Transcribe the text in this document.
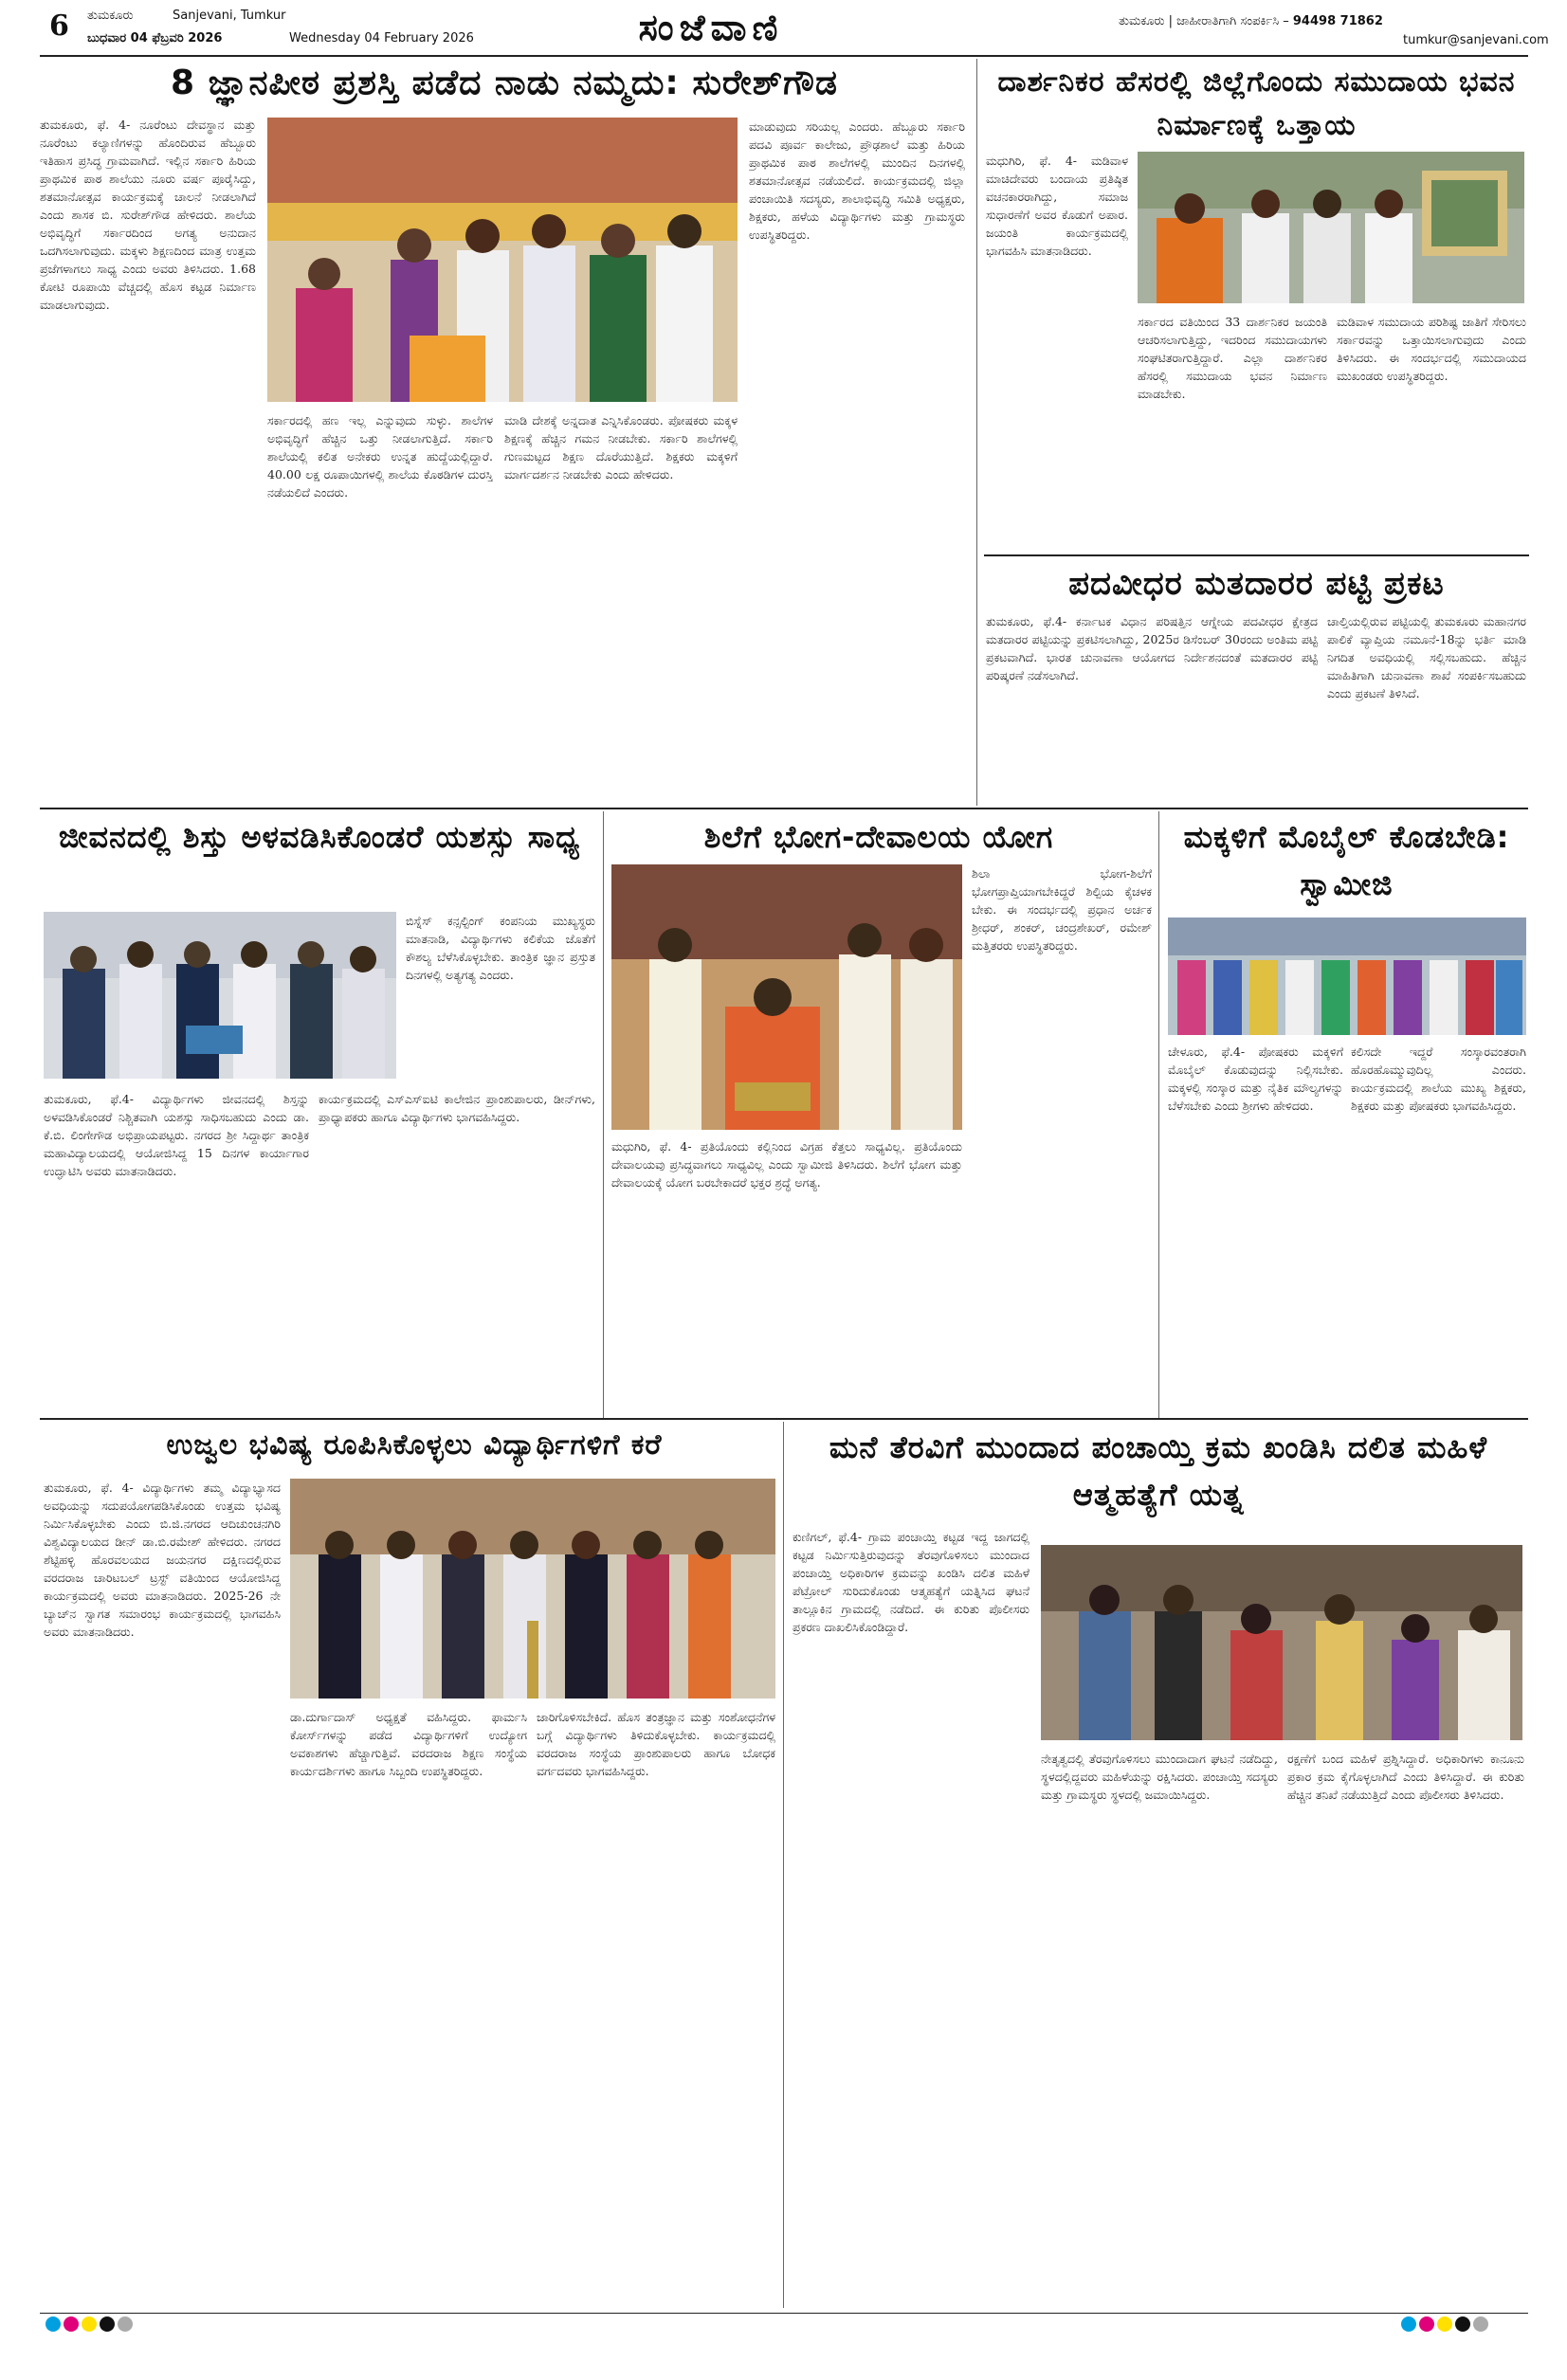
6 ತುಮಕೂರು	Sanjevani, Tumkur
ಬುಧವಾರ 04 ಫೆಬ್ರವರಿ 2026	Wednesday 04 February 2026	ಸಂಜೆವಾಣಿ	ತುಮಕೂರು | ಜಾಹೀರಾತಿಗಾಗಿ ಸಂಪರ್ಕಿಸಿ – 94498 71862
tumkur@sanjevani.com
8 ಜ್ಞಾನಪೀಠ ಪ್ರಶಸ್ತಿ ಪಡೆದ ನಾಡು ನಮ್ಮದು: ಸುರೇಶ್‌ಗೌಡ
ತುಮಕೂರು, ಫೆ. 4- ನೂರೆಂಟು ದೇವಸ್ಥಾನ ಮತ್ತು ನೂರೆಂಟು ಕಲ್ಯಾಣಿಗಳನ್ನು ಹೊಂದಿರುವ ಹೆಬ್ಬೂರು ಇತಿಹಾಸ ಪ್ರಸಿದ್ಧ ಗ್ರಾಮವಾಗಿದೆ. ಇಲ್ಲಿನ ಸರ್ಕಾರಿ ಹಿರಿಯ ಪ್ರಾಥಮಿಕ ಪಾಠ ಶಾಲೆಯು ನೂರು ವರ್ಷ ಪೂರೈಸಿದ್ದು, ಶತಮಾನೋತ್ಸವ ಕಾರ್ಯಕ್ರಮಕ್ಕೆ ಚಾಲನೆ ನೀಡಲಾಗಿದೆ ಎಂದು ಶಾಸಕ ಬಿ. ಸುರೇಶ್‌ಗೌಡ ಹೇಳಿದರು. ಶಾಲೆಯ ಅಭಿವೃದ್ಧಿಗೆ ಸರ್ಕಾರದಿಂದ ಅಗತ್ಯ ಅನುದಾನ ಒದಗಿಸಲಾಗುವುದು. ಮಕ್ಕಳು ಶಿಕ್ಷಣದಿಂದ ಮಾತ್ರ ಉತ್ತಮ ಪ್ರಜೆಗಳಾಗಲು ಸಾಧ್ಯ ಎಂದು ಅವರು ತಿಳಿಸಿದರು. 1.68 ಕೋಟಿ ರೂಪಾಯಿ ವೆಚ್ಚದಲ್ಲಿ ಹೊಸ ಕಟ್ಟಡ ನಿರ್ಮಾಣ ಮಾಡಲಾಗುವುದು.
ಮಾಡುವುದು ಸರಿಯಲ್ಲ ಎಂದರು. ಹೆಬ್ಬೂರು ಸರ್ಕಾರಿ ಪದವಿ ಪೂರ್ವ ಕಾಲೇಜು, ಪ್ರೌಢಶಾಲೆ ಮತ್ತು ಹಿರಿಯ ಪ್ರಾಥಮಿಕ ಪಾಠ ಶಾಲೆಗಳಲ್ಲಿ ಮುಂದಿನ ದಿನಗಳಲ್ಲಿ ಶತಮಾನೋತ್ಸವ ನಡೆಯಲಿದೆ. ಕಾರ್ಯಕ್ರಮದಲ್ಲಿ ಜಿಲ್ಲಾ ಪಂಚಾಯಿತಿ ಸದಸ್ಯರು, ಶಾಲಾಭಿವೃದ್ಧಿ ಸಮಿತಿ ಅಧ್ಯಕ್ಷರು, ಶಿಕ್ಷಕರು, ಹಳೆಯ ವಿದ್ಯಾರ್ಥಿಗಳು ಮತ್ತು ಗ್ರಾಮಸ್ಥರು ಉಪಸ್ಥಿತರಿದ್ದರು.
ಸರ್ಕಾರದಲ್ಲಿ ಹಣ ಇಲ್ಲ ಎನ್ನುವುದು ಸುಳ್ಳು. ಶಾಲೆಗಳ ಅಭಿವೃದ್ಧಿಗೆ ಹೆಚ್ಚಿನ ಒತ್ತು ನೀಡಲಾಗುತ್ತಿದೆ. ಸರ್ಕಾರಿ ಶಾಲೆಯಲ್ಲಿ ಕಲಿತ ಅನೇಕರು ಉನ್ನತ ಹುದ್ದೆಯಲ್ಲಿದ್ದಾರೆ. 40.00 ಲಕ್ಷ ರೂಪಾಯಿಗಳಲ್ಲಿ ಶಾಲೆಯ ಕೊಠಡಿಗಳ ದುರಸ್ತಿ ನಡೆಯಲಿದೆ ಎಂದರು.
ಮಾಡಿ ದೇಶಕ್ಕೆ ಅನ್ನದಾತ ಎನ್ನಿಸಿಕೊಂಡರು. ಪೋಷಕರು ಮಕ್ಕಳ ಶಿಕ್ಷಣಕ್ಕೆ ಹೆಚ್ಚಿನ ಗಮನ ನೀಡಬೇಕು. ಸರ್ಕಾರಿ ಶಾಲೆಗಳಲ್ಲಿ ಗುಣಮಟ್ಟದ ಶಿಕ್ಷಣ ದೊರೆಯುತ್ತಿದೆ. ಶಿಕ್ಷಕರು ಮಕ್ಕಳಿಗೆ ಮಾರ್ಗದರ್ಶನ ನೀಡಬೇಕು ಎಂದು ಹೇಳಿದರು.
ದಾರ್ಶನಿಕರ ಹೆಸರಲ್ಲಿ ಜಿಲ್ಲೆಗೊಂದು ಸಮುದಾಯ ಭವನ ನಿರ್ಮಾಣಕ್ಕೆ ಒತ್ತಾಯ
ಮಧುಗಿರಿ, ಫೆ. 4- ಮಡಿವಾಳ ಮಾಚಿದೇವರು ಬಂದಾಯ ಪ್ರತಿಷ್ಠಿತ ವಚನಕಾರರಾಗಿದ್ದು, ಸಮಾಜ ಸುಧಾರಣೆಗೆ ಅವರ ಕೊಡುಗೆ ಅಪಾರ. ಜಯಂತಿ ಕಾರ್ಯಕ್ರಮದಲ್ಲಿ ಭಾಗವಹಿಸಿ ಮಾತನಾಡಿದರು.
ಸರ್ಕಾರದ ವತಿಯಿಂದ 33 ದಾರ್ಶನಿಕರ ಜಯಂತಿ ಆಚರಿಸಲಾಗುತ್ತಿದ್ದು, ಇದರಿಂದ ಸಮುದಾಯಗಳು ಸಂಘಟಿತರಾಗುತ್ತಿದ್ದಾರೆ. ಎಲ್ಲಾ ದಾರ್ಶನಿಕರ ಹೆಸರಲ್ಲಿ ಸಮುದಾಯ ಭವನ ನಿರ್ಮಾಣ ಮಾಡಬೇಕು.
ಮಡಿವಾಳ ಸಮುದಾಯ ಪರಿಶಿಷ್ಟ ಜಾತಿಗೆ ಸೇರಿಸಲು ಸರ್ಕಾರವನ್ನು ಒತ್ತಾಯಿಸಲಾಗುವುದು ಎಂದು ತಿಳಿಸಿದರು. ಈ ಸಂದರ್ಭದಲ್ಲಿ ಸಮುದಾಯದ ಮುಖಂಡರು ಉಪಸ್ಥಿತರಿದ್ದರು.
ಪದವೀಧರ ಮತದಾರರ ಪಟ್ಟಿ ಪ್ರಕಟ
ತುಮಕೂರು, ಫೆ.4- ಕರ್ನಾಟಕ ವಿಧಾನ ಪರಿಷತ್ತಿನ ಆಗ್ನೇಯ ಪದವೀಧರ ಕ್ಷೇತ್ರದ ಮತದಾರರ ಪಟ್ಟಿಯನ್ನು ಪ್ರಕಟಿಸಲಾಗಿದ್ದು, 2025ರ ಡಿಸೆಂಬರ್ 30ರಂದು ಅಂತಿಮ ಪಟ್ಟಿ ಪ್ರಕಟವಾಗಿದೆ. ಭಾರತ ಚುನಾವಣಾ ಆಯೋಗದ ನಿರ್ದೇಶನದಂತೆ ಮತದಾರರ ಪಟ್ಟಿ ಪರಿಷ್ಕರಣೆ ನಡೆಸಲಾಗಿದೆ.
ಚಾಲ್ತಿಯಲ್ಲಿರುವ ಪಟ್ಟಿಯಲ್ಲಿ ತುಮಕೂರು ಮಹಾನಗರ ಪಾಲಿಕೆ ವ್ಯಾಪ್ತಿಯ ನಮೂನೆ-18ನ್ನು ಭರ್ತಿ ಮಾಡಿ ನಿಗದಿತ ಅವಧಿಯಲ್ಲಿ ಸಲ್ಲಿಸಬಹುದು. ಹೆಚ್ಚಿನ ಮಾಹಿತಿಗಾಗಿ ಚುನಾವಣಾ ಶಾಖೆ ಸಂಪರ್ಕಿಸಬಹುದು ಎಂದು ಪ್ರಕಟಣೆ ತಿಳಿಸಿದೆ.
ಜೀವನದಲ್ಲಿ ಶಿಸ್ತು ಅಳವಡಿಸಿಕೊಂಡರೆ ಯಶಸ್ಸು ಸಾಧ್ಯ
ಬಿಸ್ನೆಸ್ ಕನ್ಸಲ್ಟಿಂಗ್ ಕಂಪನಿಯ ಮುಖ್ಯಸ್ಥರು ಮಾತನಾಡಿ, ವಿದ್ಯಾರ್ಥಿಗಳು ಕಲಿಕೆಯ ಜೊತೆಗೆ ಕೌಶಲ್ಯ ಬೆಳೆಸಿಕೊಳ್ಳಬೇಕು. ತಾಂತ್ರಿಕ ಜ್ಞಾನ ಪ್ರಸ್ತುತ ದಿನಗಳಲ್ಲಿ ಅತ್ಯಗತ್ಯ ಎಂದರು.
ತುಮಕೂರು, ಫೆ.4- ವಿದ್ಯಾರ್ಥಿಗಳು ಜೀವನದಲ್ಲಿ ಶಿಸ್ತನ್ನು ಅಳವಡಿಸಿಕೊಂಡರೆ ನಿಶ್ಚಿತವಾಗಿ ಯಶಸ್ಸು ಸಾಧಿಸಬಹುದು ಎಂದು ಡಾ. ಕೆ.ಬಿ. ಲಿಂಗೇಗೌಡ ಅಭಿಪ್ರಾಯಪಟ್ಟರು. ನಗರದ ಶ್ರೀ ಸಿದ್ದಾರ್ಥ ತಾಂತ್ರಿಕ ಮಹಾವಿದ್ಯಾಲಯದಲ್ಲಿ ಆಯೋಜಿಸಿದ್ದ 15 ದಿನಗಳ ಕಾರ್ಯಾಗಾರ ಉದ್ಘಾಟಿಸಿ ಅವರು ಮಾತನಾಡಿದರು.
ಕಾರ್ಯಕ್ರಮದಲ್ಲಿ ಎಸ್‌ಎಸ್‌ಐಟಿ ಕಾಲೇಜಿನ ಪ್ರಾಂಶುಪಾಲರು, ಡೀನ್‌ಗಳು, ಪ್ರಾಧ್ಯಾಪಕರು ಹಾಗೂ ವಿದ್ಯಾರ್ಥಿಗಳು ಭಾಗವಹಿಸಿದ್ದರು.
ಶಿಲೆಗೆ ಭೋಗ-ದೇವಾಲಯ ಯೋಗ
ಶಿಲಾ ಭೋಗ-ಶಿಲೆಗೆ ಭೋಗಪ್ರಾಪ್ತಿಯಾಗಬೇಕಿದ್ದರೆ ಶಿಲ್ಪಿಯ ಕೈಚಳಕ ಬೇಕು. ಈ ಸಂದರ್ಭದಲ್ಲಿ ಪ್ರಧಾನ ಅರ್ಚಕ ಶ್ರೀಧರ್, ಶಂಕರ್, ಚಂದ್ರಶೇಖರ್, ರಮೇಶ್ ಮತ್ತಿತರರು ಉಪಸ್ಥಿತರಿದ್ದರು.
ಮಧುಗಿರಿ, ಫೆ. 4- ಪ್ರತಿಯೊಂದು ಕಲ್ಲಿನಿಂದ ವಿಗ್ರಹ ಕೆತ್ತಲು ಸಾಧ್ಯವಿಲ್ಲ. ಪ್ರತಿಯೊಂದು ದೇವಾಲಯವು ಪ್ರಸಿದ್ಧವಾಗಲು ಸಾಧ್ಯವಿಲ್ಲ ಎಂದು ಸ್ವಾಮೀಜಿ ತಿಳಿಸಿದರು. ಶಿಲೆಗೆ ಭೋಗ ಮತ್ತು ದೇವಾಲಯಕ್ಕೆ ಯೋಗ ಬರಬೇಕಾದರೆ ಭಕ್ತರ ಶ್ರದ್ಧೆ ಅಗತ್ಯ.
ಮಕ್ಕಳಿಗೆ ಮೊಬೈಲ್ ಕೊಡಬೇಡಿ: ಸ್ವಾಮೀಜಿ
ಚೇಳೂರು, ಫೆ.4- ಪೋಷಕರು ಮಕ್ಕಳಿಗೆ ಮೊಬೈಲ್ ಕೊಡುವುದನ್ನು ನಿಲ್ಲಿಸಬೇಕು. ಮಕ್ಕಳಲ್ಲಿ ಸಂಸ್ಕಾರ ಮತ್ತು ನೈತಿಕ ಮೌಲ್ಯಗಳನ್ನು ಬೆಳೆಸಬೇಕು ಎಂದು ಶ್ರೀಗಳು ಹೇಳಿದರು.
ಕಲಿಸದೇ ಇದ್ದರೆ ಸಂಸ್ಕಾರವಂತರಾಗಿ ಹೊರಹೊಮ್ಮುವುದಿಲ್ಲ ಎಂದರು. ಕಾರ್ಯಕ್ರಮದಲ್ಲಿ ಶಾಲೆಯ ಮುಖ್ಯ ಶಿಕ್ಷಕರು, ಶಿಕ್ಷಕರು ಮತ್ತು ಪೋಷಕರು ಭಾಗವಹಿಸಿದ್ದರು.
ಉಜ್ವಲ ಭವಿಷ್ಯ ರೂಪಿಸಿಕೊಳ್ಳಲು ವಿದ್ಯಾರ್ಥಿಗಳಿಗೆ ಕರೆ
ತುಮಕೂರು, ಫೆ. 4- ವಿದ್ಯಾರ್ಥಿಗಳು ತಮ್ಮ ವಿದ್ಯಾಭ್ಯಾಸದ ಅವಧಿಯನ್ನು ಸದುಪಯೋಗಪಡಿಸಿಕೊಂಡು ಉತ್ತಮ ಭವಿಷ್ಯ ನಿರ್ಮಿಸಿಕೊಳ್ಳಬೇಕು ಎಂದು ಬಿ.ಜಿ.ನಗರದ ಆದಿಚುಂಚನಗಿರಿ ವಿಶ್ವವಿದ್ಯಾಲಯದ ಡೀನ್ ಡಾ.ಬಿ.ರಮೇಶ್ ಹೇಳಿದರು. ನಗರದ ಶೆಟ್ಟಿಹಳ್ಳಿ ಹೊರವಲಯದ ಜಯನಗರ ದಕ್ಷಿಣದಲ್ಲಿರುವ ವರದರಾಜ ಚಾರಿಟಬಲ್ ಟ್ರಸ್ಟ್ ವತಿಯಿಂದ ಆಯೋಜಿಸಿದ್ದ ಕಾರ್ಯಕ್ರಮದಲ್ಲಿ ಅವರು ಮಾತನಾಡಿದರು. 2025-26 ನೇ ಬ್ಯಾಚ್‌ನ ಸ್ವಾಗತ ಸಮಾರಂಭ ಕಾರ್ಯಕ್ರಮದಲ್ಲಿ ಭಾಗವಹಿಸಿ ಅವರು ಮಾತನಾಡಿದರು.
ಡಾ.ದುರ್ಗಾದಾಸ್ ಅಧ್ಯಕ್ಷತೆ ವಹಿಸಿದ್ದರು. ಫಾರ್ಮಸಿ ಕೋರ್ಸ್‌ಗಳನ್ನು ಪಡೆದ ವಿದ್ಯಾರ್ಥಿಗಳಿಗೆ ಉದ್ಯೋಗ ಅವಕಾಶಗಳು ಹೆಚ್ಚಾಗುತ್ತಿವೆ. ವರದರಾಜ ಶಿಕ್ಷಣ ಸಂಸ್ಥೆಯ ಕಾರ್ಯದರ್ಶಿಗಳು ಹಾಗೂ ಸಿಬ್ಬಂದಿ ಉಪಸ್ಥಿತರಿದ್ದರು.
ಜಾರಿಗೊಳಿಸಬೇಕಿದೆ. ಹೊಸ ತಂತ್ರಜ್ಞಾನ ಮತ್ತು ಸಂಶೋಧನೆಗಳ ಬಗ್ಗೆ ವಿದ್ಯಾರ್ಥಿಗಳು ತಿಳಿದುಕೊಳ್ಳಬೇಕು. ಕಾರ್ಯಕ್ರಮದಲ್ಲಿ ವರದರಾಜ ಸಂಸ್ಥೆಯ ಪ್ರಾಂಶುಪಾಲರು ಹಾಗೂ ಬೋಧಕ ವರ್ಗದವರು ಭಾಗವಹಿಸಿದ್ದರು.
ಮನೆ ತೆರವಿಗೆ ಮುಂದಾದ ಪಂಚಾಯ್ತಿ ಕ್ರಮ ಖಂಡಿಸಿ ದಲಿತ ಮಹಿಳೆ ಆತ್ಮಹತ್ಯೆಗೆ ಯತ್ನ
ಕುಣಿಗಲ್, ಫೆ.4- ಗ್ರಾಮ ಪಂಚಾಯ್ತಿ ಕಟ್ಟಡ ಇದ್ದ ಜಾಗದಲ್ಲಿ ಕಟ್ಟಡ ನಿರ್ಮಿಸುತ್ತಿರುವುದನ್ನು ತೆರವುಗೊಳಿಸಲು ಮುಂದಾದ ಪಂಚಾಯ್ತಿ ಅಧಿಕಾರಿಗಳ ಕ್ರಮವನ್ನು ಖಂಡಿಸಿ ದಲಿತ ಮಹಿಳೆ ಪೆಟ್ರೋಲ್ ಸುರಿದುಕೊಂಡು ಆತ್ಮಹತ್ಯೆಗೆ ಯತ್ನಿಸಿದ ಘಟನೆ ತಾಲ್ಲೂಕಿನ ಗ್ರಾಮದಲ್ಲಿ ನಡೆದಿದೆ. ಈ ಕುರಿತು ಪೊಲೀಸರು ಪ್ರಕರಣ ದಾಖಲಿಸಿಕೊಂಡಿದ್ದಾರೆ.
ನೇತೃತ್ವದಲ್ಲಿ ತೆರವುಗೊಳಿಸಲು ಮುಂದಾದಾಗ ಘಟನೆ ನಡೆದಿದ್ದು, ಸ್ಥಳದಲ್ಲಿದ್ದವರು ಮಹಿಳೆಯನ್ನು ರಕ್ಷಿಸಿದರು. ಪಂಚಾಯ್ತಿ ಸದಸ್ಯರು ಮತ್ತು ಗ್ರಾಮಸ್ಥರು ಸ್ಥಳದಲ್ಲಿ ಜಮಾಯಿಸಿದ್ದರು.
ರಕ್ಷಣೆಗೆ ಬಂದ ಮಹಿಳೆ ಪ್ರಶ್ನಿಸಿದ್ದಾರೆ. ಅಧಿಕಾರಿಗಳು ಕಾನೂನು ಪ್ರಕಾರ ಕ್ರಮ ಕೈಗೊಳ್ಳಲಾಗಿದೆ ಎಂದು ತಿಳಿಸಿದ್ದಾರೆ. ಈ ಕುರಿತು ಹೆಚ್ಚಿನ ತನಿಖೆ ನಡೆಯುತ್ತಿದೆ ಎಂದು ಪೊಲೀಸರು ತಿಳಿಸಿದರು.
